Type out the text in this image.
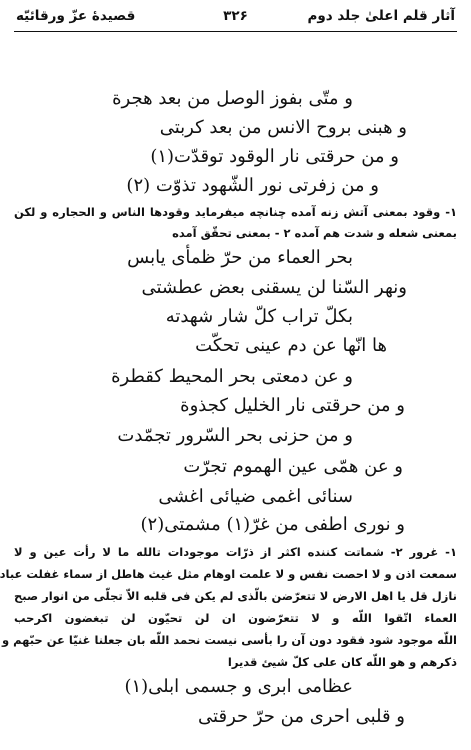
آثار قلم اعلیٰ جلد دوم
۳۲۶
قصیدهٔ عزّ ورقائیّه
و متّی بفوز الوصل من بعد هجرة
و هبنی بروح الانس من بعد کربتی
و من حرقتی نار الوقود توقدّت(۱)
و من زفرتی نور الشّهود تذوّت (۲)
۱- وقود بمعنی آتش زنه آمده چنانچه میفرماید وقودها الناس و الحجاره و لکن
بمعنی شعله و شدت هم آمده ۲ - بمعنی تحقّق آمده
بحر العماء من حرّ ظمأی یابس
ونهر السّنا لن یسقنی بعض عطشتی
بکلّ تراب کلّ شار شهدته
ها انّها عن دم عینی تحکّت
و عن دمعتی بحر المحیط کقطرة
و من حرقتی نار الخلیل کجذوة
و من حزنی بحر السّرور تجمّدت
و عن همّی عین الهموم تجرّت
سنائی اغمی ضیائی اغشی
و نوری اطفی من غرّ(۱) مشمتی(۲)
۱- غرور ۲- شماتت کننده اکثر از ذرّات موجودات تالله ما لا رأت عین و لا
سمعت اذن و لا احصت نفس و لا علمت اوهام مثل غیث هاطل از سماء غفلت عباد
نازل قل یا اهل الارض لا تتعرّضن بالّذی لم یکن فی قلبه الاّ تجلّی من انوار صبح
العماء اتّقوا اللّه و لا تتعرّضون ان لن تحیّون لن تبغضون اکرحب
اللّه موجود شود فقود دون آن را بأسی نیست نحمد اللّه بان جعلنا غنیّا عن حبّهم و
ذکرهم و هو اللّه کان علی کلّ شیئ قدیرا
عظامی ابری و جسمی ابلی(۱)
و قلبی احری من حرّ حرقتی
